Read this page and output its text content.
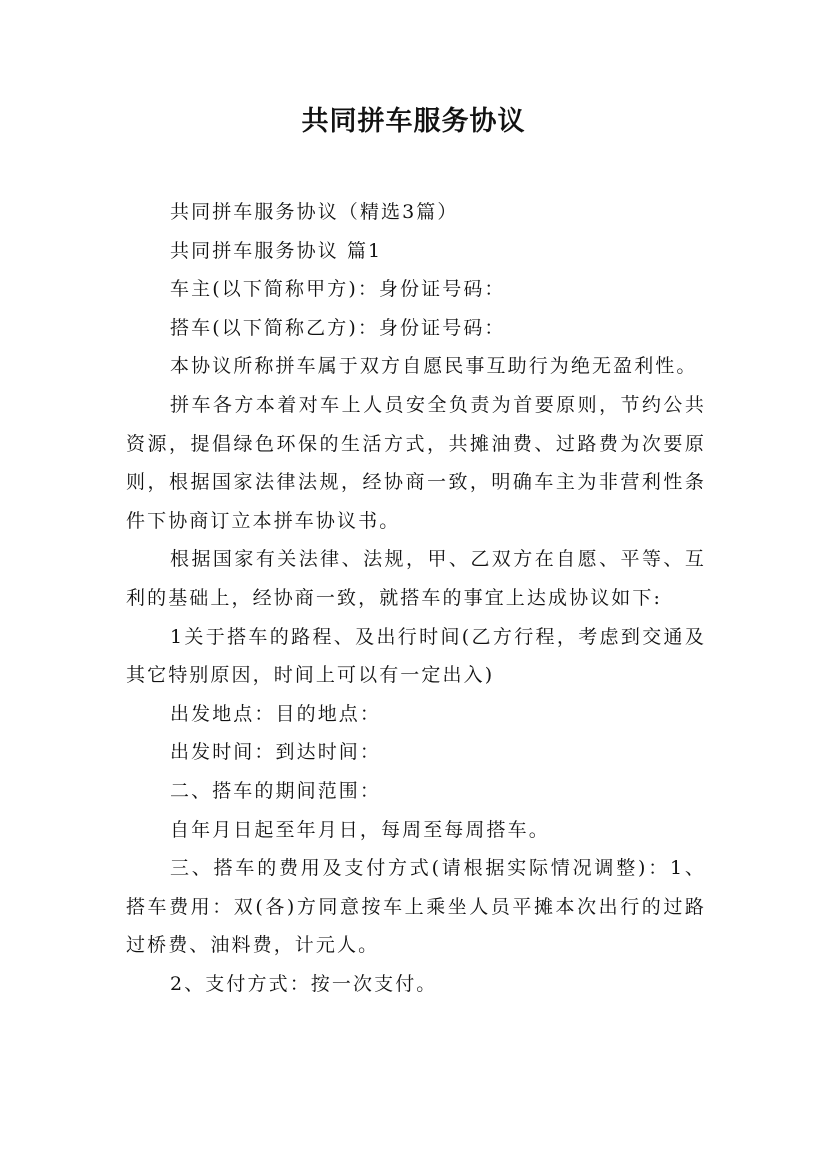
共同拼车服务协议

共同拼车服务协议（精选3篇）

共同拼车服务协议 篇1

车主(以下简称甲方)：身份证号码：

搭车(以下简称乙方)：身份证号码：

本协议所称拼车属于双方自愿民事互助行为绝无盈利性。

拼车各方本着对车上人员安全负责为首要原则，节约公共资源，提倡绿色环保的生活方式，共摊油费、过路费为次要原则，根据国家法律法规，经协商一致，明确车主为非营利性条件下协商订立本拼车协议书。

根据国家有关法律、法规，甲、乙双方在自愿、平等、互利的基础上，经协商一致，就搭车的事宜上达成协议如下:

1关于搭车的路程、及出行时间(乙方行程，考虑到交通及其它特别原因，时间上可以有一定出入)

出发地点：目的地点：

出发时间：到达时间：

二、搭车的期间范围：

自年月日起至年月日，每周至每周搭车。

三、搭车的费用及支付方式(请根据实际情况调整)：1、搭车费用：双(各)方同意按车上乘坐人员平摊本次出行的过路过桥费、油料费，计元人。

2、支付方式：按一次支付。
